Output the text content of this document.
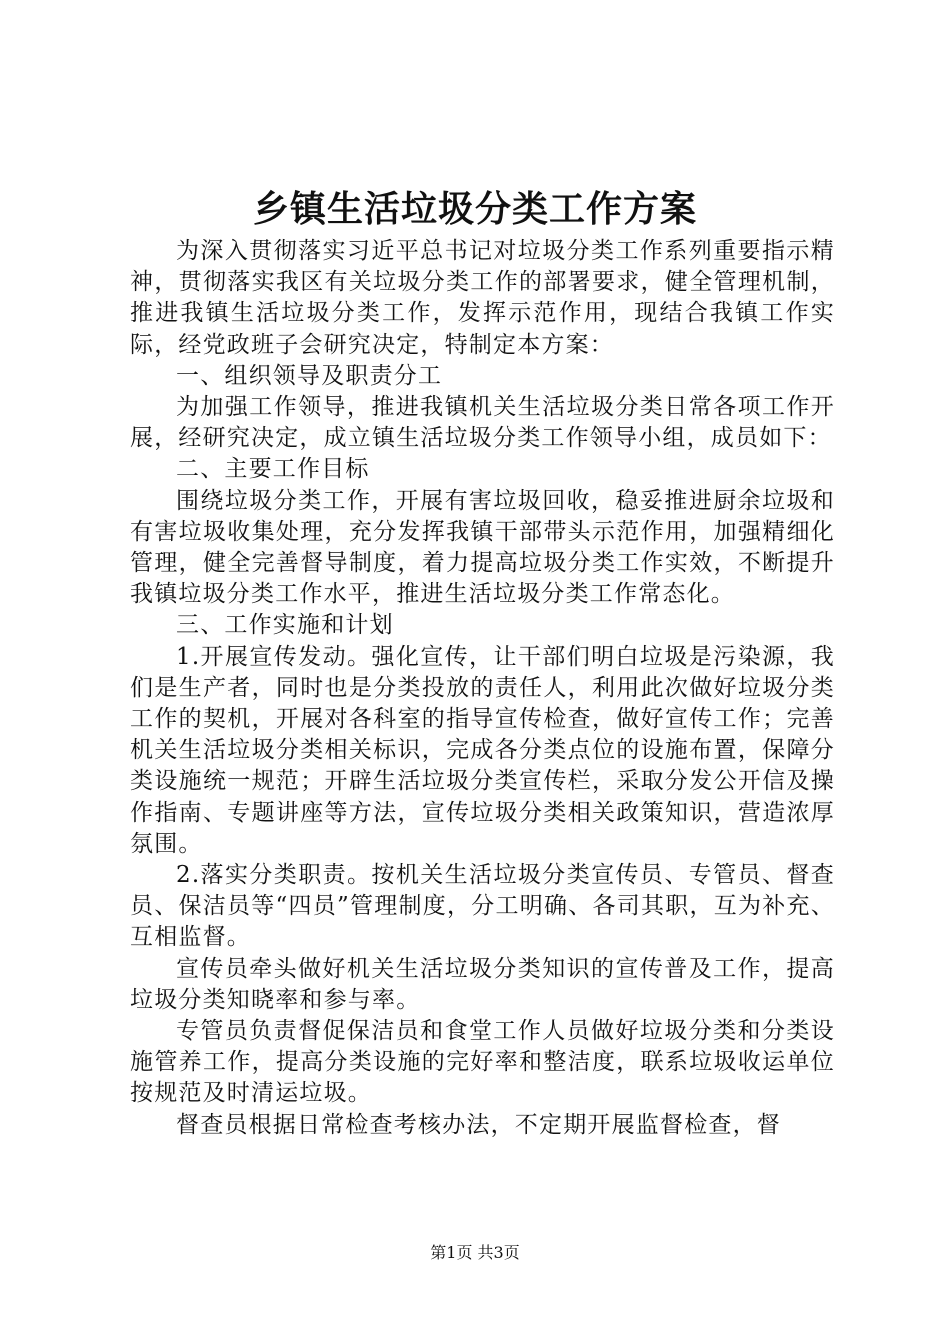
乡镇生活垃圾分类工作方案

为深入贯彻落实习近平总书记对垃圾分类工作系列重要指示精神，贯彻落实我区有关垃圾分类工作的部署要求，健全管理机制，推进我镇生活垃圾分类工作，发挥示范作用，现结合我镇工作实际，经党政班子会研究决定，特制定本方案：

一、组织领导及职责分工

为加强工作领导，推进我镇机关生活垃圾分类日常各项工作开展，经研究决定，成立镇生活垃圾分类工作领导小组，成员如下：

二、主要工作目标

围绕垃圾分类工作，开展有害垃圾回收，稳妥推进厨余垃圾和有害垃圾收集处理，充分发挥我镇干部带头示范作用，加强精细化管理，健全完善督导制度，着力提高垃圾分类工作实效，不断提升我镇垃圾分类工作水平，推进生活垃圾分类工作常态化。

三、工作实施和计划

1.开展宣传发动。强化宣传，让干部们明白垃圾是污染源，我们是生产者，同时也是分类投放的责任人，利用此次做好垃圾分类工作的契机，开展对各科室的指导宣传检查，做好宣传工作；完善机关生活垃圾分类相关标识，完成各分类点位的设施布置，保障分类设施统一规范；开辟生活垃圾分类宣传栏，采取分发公开信及操作指南、专题讲座等方法，宣传垃圾分类相关政策知识，营造浓厚氛围。

2.落实分类职责。按机关生活垃圾分类宣传员、专管员、督查员、保洁员等“四员”管理制度，分工明确、各司其职，互为补充、互相监督。

宣传员牵头做好机关生活垃圾分类知识的宣传普及工作，提高垃圾分类知晓率和参与率。

专管员负责督促保洁员和食堂工作人员做好垃圾分类和分类设施管养工作，提高分类设施的完好率和整洁度，联系垃圾收运单位按规范及时清运垃圾。

督查员根据日常检查考核办法，不定期开展监督检查，督

第1页 共3页
